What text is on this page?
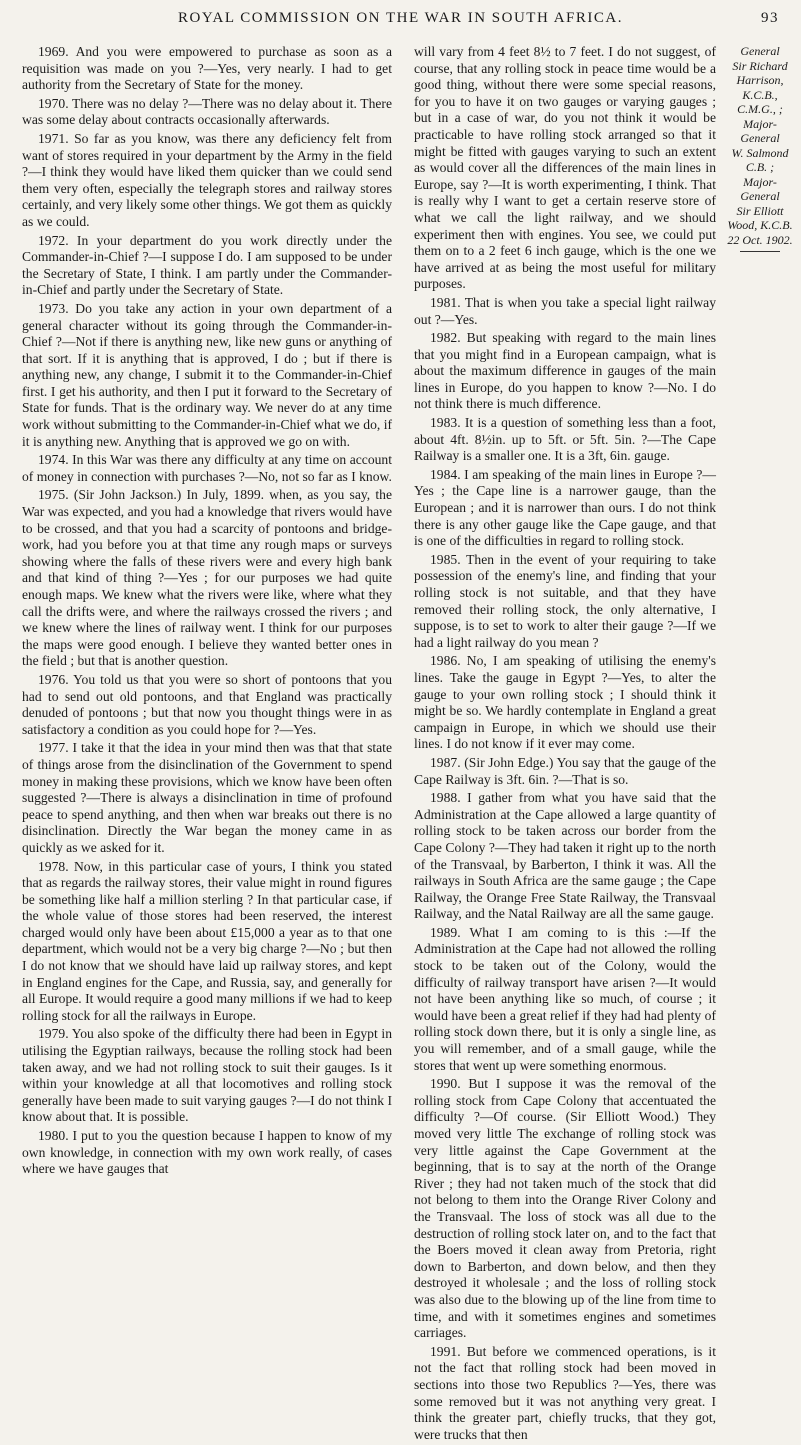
ROYAL COMMISSION ON THE WAR IN SOUTH AFRICA.	93

1969. And you were empowered to purchase as soon as a requisition was made on you ?—Yes, very nearly. I had to get authority from the Secretary of State for the money.

1970. There was no delay ?—There was no delay about it. There was some delay about contracts occasionally afterwards.

1971. So far as you know, was there any deficiency felt from want of stores required in your department by the Army in the field ?—I think they would have liked them quicker than we could send them very often, especially the telegraph stores and railway stores certainly, and very likely some other things. We got them as quickly as we could.

1972. In your department do you work directly under the Commander-in-Chief ?—I suppose I do. I am supposed to be under the Secretary of State, I think. I am partly under the Commander-in-Chief and partly under the Secretary of State.

1973. Do you take any action in your own department of a general character without its going through the Commander-in-Chief ?—Not if there is anything new, like new guns or anything of that sort. If it is anything that is approved, I do ; but if there is anything new, any change, I submit it to the Commander-in-Chief first. I get his authority, and then I put it forward to the Secretary of State for funds. That is the ordinary way. We never do at any time work without submitting to the Commander-in-Chief what we do, if it is anything new. Anything that is approved we go on with.

1974. In this War was there any difficulty at any time on account of money in connection with purchases ?—No, not so far as I know.

1975. (Sir John Jackson.) In July, 1899. when, as you say, the War was expected, and you had a knowledge that rivers would have to be crossed, and that you had a scarcity of pontoons and bridge-work, had you before you at that time any rough maps or surveys showing where the falls of these rivers were and every high bank and that kind of thing ?—Yes ; for our purposes we had quite enough maps. We knew what the rivers were like, where what they call the drifts were, and where the railways crossed the rivers ; and we knew where the lines of railway went. I think for our purposes the maps were good enough. I believe they wanted better ones in the field ; but that is another question.

1976. You told us that you were so short of pontoons that you had to send out old pontoons, and that England was practically denuded of pontoons ; but that now you thought things were in as satisfactory a condition as you could hope for ?—Yes.

1977. I take it that the idea in your mind then was that that state of things arose from the disinclination of the Government to spend money in making these provisions, which we know have been often suggested ?—There is always a disinclination in time of profound peace to spend anything, and then when war breaks out there is no disinclination. Directly the War began the money came in as quickly as we asked for it.

1978. Now, in this particular case of yours, I think you stated that as regards the railway stores, their value might in round figures be something like half a million sterling ? In that particular case, if the whole value of those stores had been reserved, the interest charged would only have been about £15,000 a year as to that one department, which would not be a very big charge ?—No ; but then I do not know that we should have laid up railway stores, and kept in England engines for the Cape, and Russia, say, and generally for all Europe. It would require a good many millions if we had to keep rolling stock for all the railways in Europe.

1979. You also spoke of the difficulty there had been in Egypt in utilising the Egyptian railways, because the rolling stock had been taken away, and we had not rolling stock to suit their gauges. Is it within your knowledge at all that locomotives and rolling stock generally have been made to suit varying gauges ?—I do not think I know about that. It is possible.

1980. I put to you the question because I happen to know of my own knowledge, in connection with my own work really, of cases where we have gauges that

will vary from 4 feet 8½ to 7 feet. I do not suggest, of course, that any rolling stock in peace time would be a good thing, without there were some special reasons, for you to have it on two gauges or varying gauges ; but in a case of war, do you not think it would be practicable to have rolling stock arranged so that it might be fitted with gauges varying to such an extent as would cover all the differences of the main lines in Europe, say ?—It is worth experimenting, I think. That is really why I want to get a certain reserve store of what we call the light railway, and we should experiment then with engines. You see, we could put them on to a 2 feet 6 inch gauge, which is the one we have arrived at as being the most useful for military purposes.

1981. That is when you take a special light railway out ?—Yes.

1982. But speaking with regard to the main lines that you might find in a European campaign, what is about the maximum difference in gauges of the main lines in Europe, do you happen to know ?—No. I do not think there is much difference.

1983. It is a question of something less than a foot, about 4ft. 8½in. up to 5ft. or 5ft. 5in. ?—The Cape Railway is a smaller one. It is a 3ft, 6in. gauge.

1984. I am speaking of the main lines in Europe ?—Yes ; the Cape line is a narrower gauge, than the European ; and it is narrower than ours. I do not think there is any other gauge like the Cape gauge, and that is one of the difficulties in regard to rolling stock.

1985. Then in the event of your requiring to take possession of the enemy's line, and finding that your rolling stock is not suitable, and that they have removed their rolling stock, the only alternative, I suppose, is to set to work to alter their gauge ?—If we had a light railway do you mean ?

1986. No, I am speaking of utilising the enemy's lines. Take the gauge in Egypt ?—Yes, to alter the gauge to your own rolling stock ; I should think it might be so. We hardly contemplate in England a great campaign in Europe, in which we should use their lines. I do not know if it ever may come.

1987. (Sir John Edge.) You say that the gauge of the Cape Railway is 3ft. 6in. ?—That is so.

1988. I gather from what you have said that the Administration at the Cape allowed a large quantity of rolling stock to be taken across our border from the Cape Colony ?—They had taken it right up to the north of the Transvaal, by Barberton, I think it was. All the railways in South Africa are the same gauge ; the Cape Railway, the Orange Free State Railway, the Transvaal Railway, and the Natal Railway are all the same gauge.

1989. What I am coming to is this :—If the Administration at the Cape had not allowed the rolling stock to be taken out of the Colony, would the difficulty of railway transport have arisen ?—It would not have been anything like so much, of course ; it would have been a great relief if they had had plenty of rolling stock down there, but it is only a single line, as you will remember, and of a small gauge, while the stores that went up were something enormous.

1990. But I suppose it was the removal of the rolling stock from Cape Colony that accentuated the difficulty ?—Of course. (Sir Elliott Wood.) They moved very little The exchange of rolling stock was very little against the Cape Government at the beginning, that is to say at the north of the Orange River ; they had not taken much of the stock that did not belong to them into the Orange River Colony and the Transvaal. The loss of stock was all due to the destruction of rolling stock later on, and to the fact that the Boers moved it clean away from Pretoria, right down to Barberton, and down below, and then they destroyed it wholesale ; and the loss of rolling stock was also due to the blowing up of the line from time to time, and with it sometimes engines and sometimes carriages.

1991. But before we commenced operations, is it not the fact that rolling stock had been moved in sections into those two Republics ?—Yes, there was some removed but it was not anything very great. I think the greater part, chiefly trucks, that they got, were trucks that then

General
Sir Richard
Harrison,
K.C.B.,
C.M.G., ;
Major-
General
W. Salmond
C.B. ;
Major-
General
Sir Elliott
Wood, K.C.B.
22 Oct. 1902.
